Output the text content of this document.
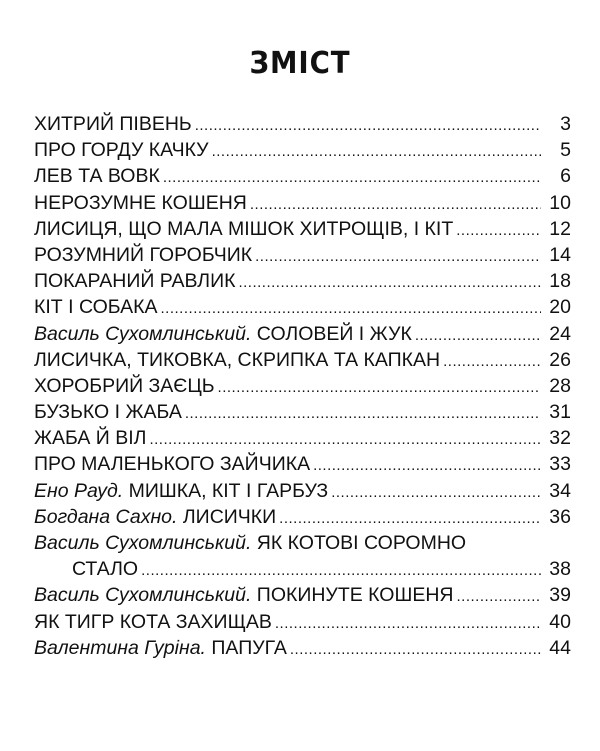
ЗМІСТ
ХИТРИЙ ПІВЕНЬ .....	3
ПРО ГОРДУ КАЧКУ .....	5
ЛЕВ ТА ВОВК .....	6
НЕРОЗУМНЕ КОШЕНЯ .....	10
ЛИСИЦЯ, ЩО МАЛА МІШОК ХИТРОЩІВ, І КІТ .....	12
РОЗУМНИЙ ГОРОБЧИК .....	14
ПОКАРАНИЙ РАВЛИК .....	18
КІТ І СОБАКА .....	20
Василь Сухомлинський. СОЛОВЕЙ І ЖУК .....	24
ЛИСИЧКА, ТИКОВКА, СКРИПКА ТА КАПКАН .....	26
ХОРОБРИЙ ЗАЄЦЬ .....	28
БУЗЬКО І ЖАБА .....	31
ЖАБА Й ВІЛ .....	32
ПРО МАЛЕНЬКОГО ЗАЙЧИКА .....	33
Ено Рауд. МИШКА, КІТ І ГАРБУЗ .....	34
Богдана Сахно. ЛИСИЧКИ .....	36
Василь Сухомлинський. ЯК КОТОВІ СОРОМНО
СТАЛО .....	38
Василь Сухомлинський. ПОКИНУТЕ КОШЕНЯ .....	39
ЯК ТИГР КОТА ЗАХИЩАВ .....	40
Валентина Гуріна. ПАПУГА .....	44
